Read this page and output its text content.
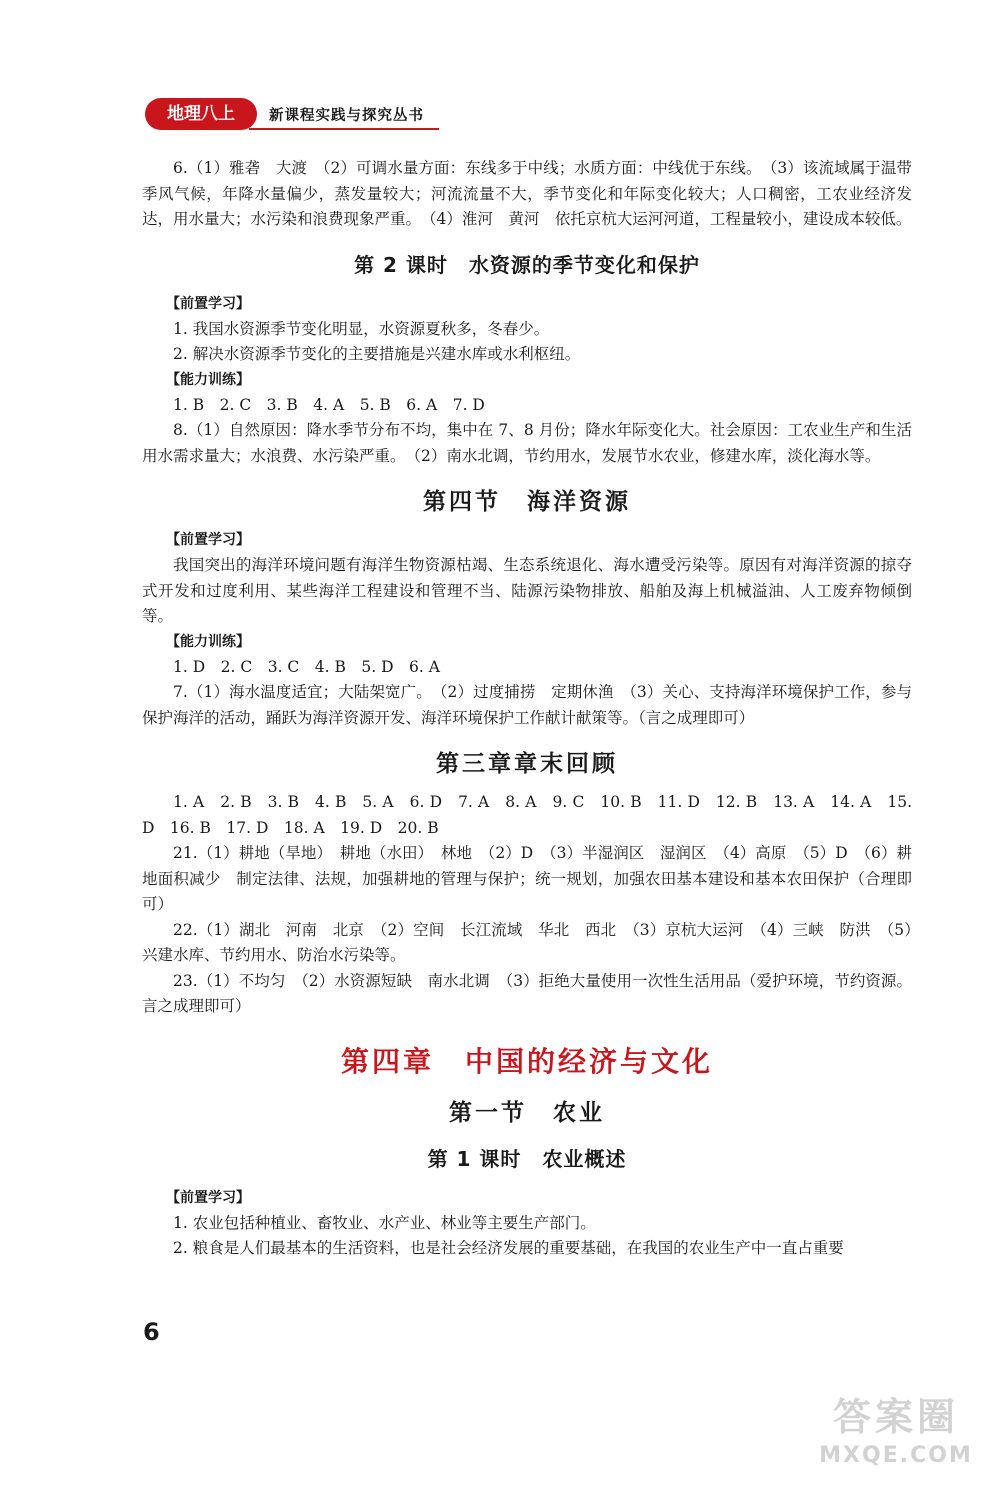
地理八上	新课程实践与探究丛书

6.（1）雅砻　大渡　（2）可调水量方面：东线多于中线；水质方面：中线优于东线。　（3）该流域属于温带季风气候，年降水量偏少，蒸发量较大；河流流量不大，季节变化和年际变化较大；人口稠密，工农业经济发达，用水量大；水污染和浪费现象严重。　（4）淮河　黄河　依托京杭大运河河道，工程量较小，建设成本较低。

第 2 课时　水资源的季节变化和保护

【前置学习】

1. 我国水资源季节变化明显，水资源夏秋多，冬春少。

2. 解决水资源季节变化的主要措施是兴建水库或水利枢纽。

【能力训练】

1. B　2. C　3. B　4. A　5. B　6. A　7. D

8.（1）自然原因：降水季节分布不均，集中在 7、8 月份；降水年际变化大。社会原因：工农业生产和生活用水需求量大；水浪费、水污染严重。　（2）南水北调，节约用水，发展节水农业，修建水库，淡化海水等。

第四节　海洋资源

【前置学习】

我国突出的海洋环境问题有海洋生物资源枯竭、生态系统退化、海水遭受污染等。原因有对海洋资源的掠夺式开发和过度利用、某些海洋工程建设和管理不当、陆源污染物排放、船舶及海上机械溢油、人工废弃物倾倒等。

【能力训练】

1. D　2. C　3. C　4. B　5. D　6. A

7.（1）海水温度适宜；大陆架宽广。　（2）过度捕捞　定期休渔　（3）关心、支持海洋环境保护工作，参与保护海洋的活动，踊跃为海洋资源开发、海洋环境保护工作献计献策等。（言之成理即可）

第三章章末回顾

1. A　2. B　3. B　4. B　5. A　6. D　7. A　8. A　9. C　10. B　11. D　12. B　13. A　14. A　15. D　16. B　17. D　18. A　19. D　20. B

21.（1）耕地（旱地）　耕地（水田）　林地　（2）D　（3）半湿润区　湿润区　（4）高原　（5）D　（6）耕地面积减少　制定法律、法规，加强耕地的管理与保护；统一规划，加强农田基本建设和基本农田保护（合理即可）

22.（1）湖北　河南　北京　（2）空间　长江流域　华北　西北　（3）京杭大运河　（4）三峡　防洪　（5）兴建水库、节约用水、防治水污染等。

23.（1）不均匀　（2）水资源短缺　南水北调　（3）拒绝大量使用一次性生活用品（爱护环境，节约资源。言之成理即可）

第四章　中国的经济与文化
第一节　农业
第 1 课时　农业概述

【前置学习】

1. 农业包括种植业、畜牧业、水产业、林业等主要生产部门。

2. 粮食是人们最基本的生活资料，也是社会经济发展的重要基础，在我国的农业生产中一直占重要

6
答案圈
MXQE.COM
